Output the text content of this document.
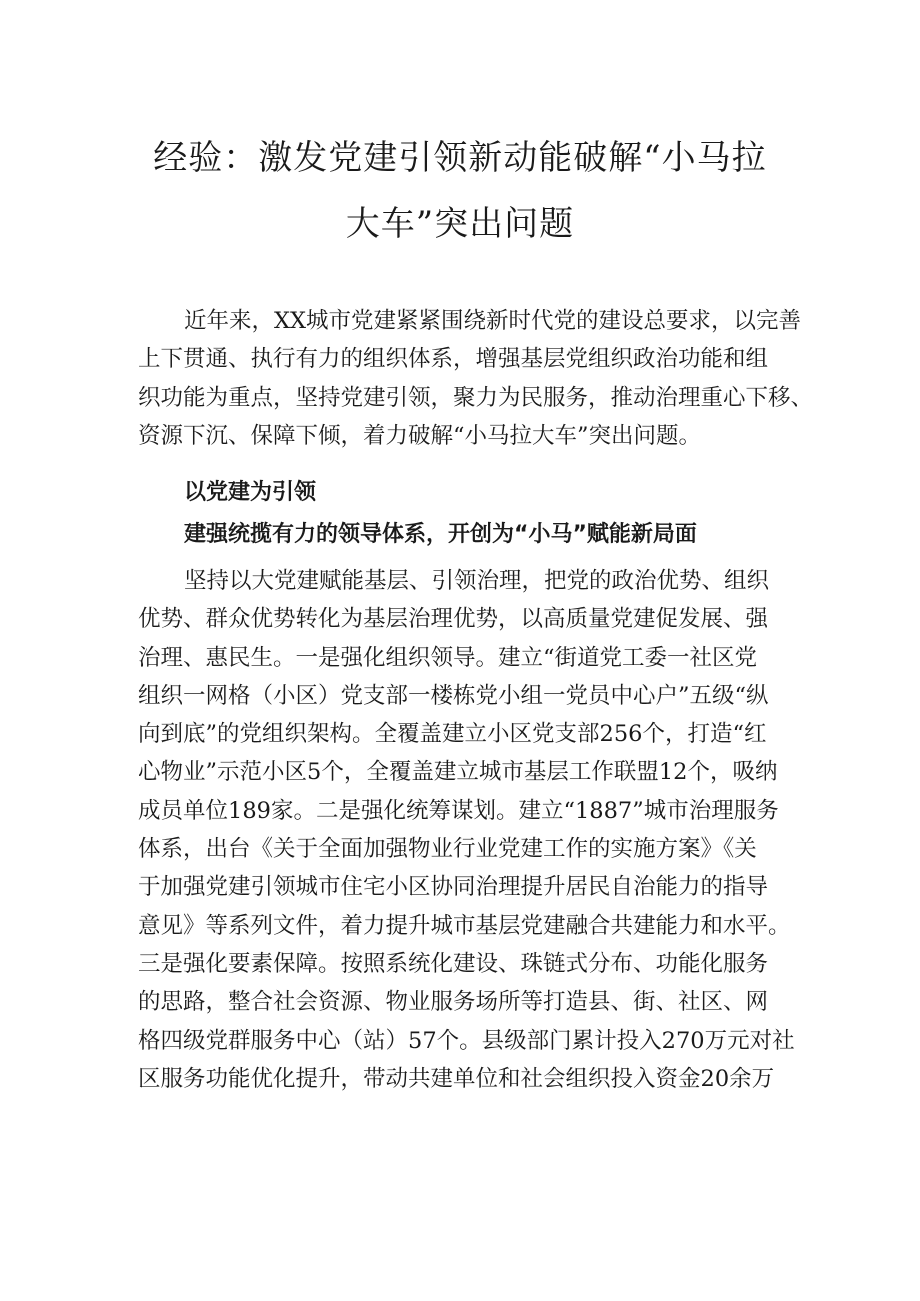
经验：激发党建引领新动能破解“小马拉
大车”突出问题

近年来，XX城市党建紧紧围绕新时代党的建设总要求，以完善
上下贯通、执行有力的组织体系，增强基层党组织政治功能和组
织功能为重点，坚持党建引领，聚力为民服务，推动治理重心下移、
资源下沉、保障下倾，着力破解“小马拉大车”突出问题。

以党建为引领
建强统揽有力的领导体系，开创为“小马”赋能新局面

坚持以大党建赋能基层、引领治理，把党的政治优势、组织
优势、群众优势转化为基层治理优势，以高质量党建促发展、强
治理、惠民生。一是强化组织领导。建立“街道党工委一社区党
组织一网格（小区）党支部一楼栋党小组一党员中心户”五级“纵
向到底”的党组织架构。全覆盖建立小区党支部256个，打造“红
心物业”示范小区5个，全覆盖建立城市基层工作联盟12个，吸纳
成员单位189家。二是强化统筹谋划。建立“1887”城市治理服务
体系，出台《关于全面加强物业行业党建工作的实施方案》《关
于加强党建引领城市住宅小区协同治理提升居民自治能力的指导
意见》等系列文件，着力提升城市基层党建融合共建能力和水平。
三是强化要素保障。按照系统化建设、珠链式分布、功能化服务
的思路，整合社会资源、物业服务场所等打造县、街、社区、网
格四级党群服务中心（站）57个。县级部门累计投入270万元对社
区服务功能优化提升，带动共建单位和社会组织投入资金20余万
